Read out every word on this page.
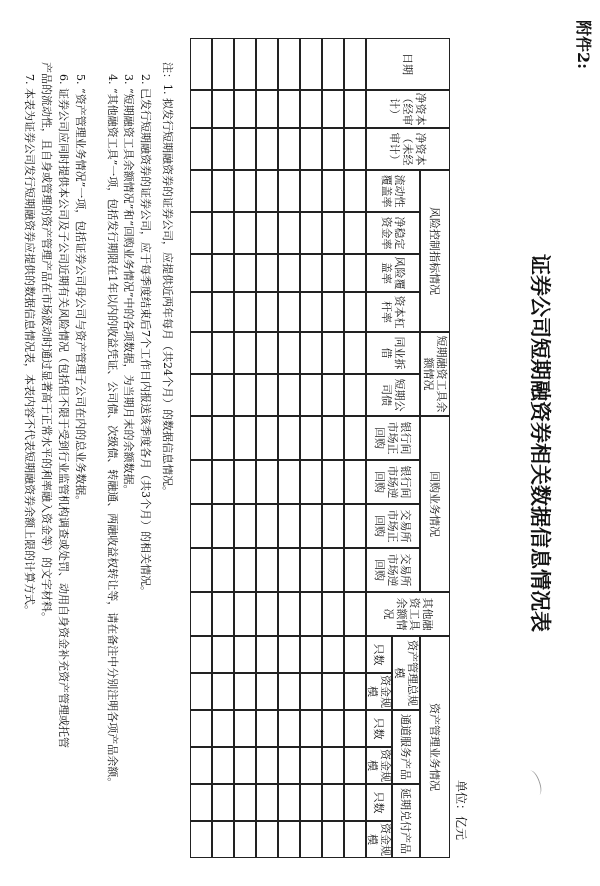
附件2:
证券公司短期融资券相关数据信息情况表
单位：亿元
日期
净资本（经审计）
净资本（未经审计）
风险控制指标情况
流动性覆盖率
净稳定资金率
风险覆盖率
资本杠杆率
短期融资工具余额情况
同业拆借
短期公司债
回购业务情况
银行间市场正回购
银行间市场逆回购
交易所市场正回购
交易所市场逆回购
其他融资工具余额情况
资产管理业务情况
资产管理总规模
通道服务产品
延期兑付产品
只数
资金规模
只数
资金规模
只数
资金规模
注：1. 拟发行短期融资券的证券公司，应提供近两年每月（共24个月）的数据信息情况。
2. 已发行短期融资券的证券公司，应于每季度结束后7个工作日内报送该季度各月（共3个月）的相关情况。
3. “短期融资工具余额情况”和“回购业务情况”中的各项数据，为当期月末的余额数据。
4. “其他融资工具”一项，包括发行期限在1年以内的收益凭证、公司债、次级债、转融通、两融收益权转让等，请在备注中分别注明各项产品余额。
5. “资产管理业务情况”一项，包括证券公司母公司与资产管理子公司在内的总业务数据。
6. 证券公司应同时提供本公司及子公司近期有关风险情况（包括但不限于受到行业监管机构调查或处罚、动用自身资金补充资产管理或托管
产品的流动性，且自身或管理的资产管理产品在市场波动时通过显著高于正常水平的利率融入资金等）的文字材料。
7. 本表为证券公司发行短期融资券应提供的数据信息情况表，本表内容不代表短期融资券余额上限的计算方式。
